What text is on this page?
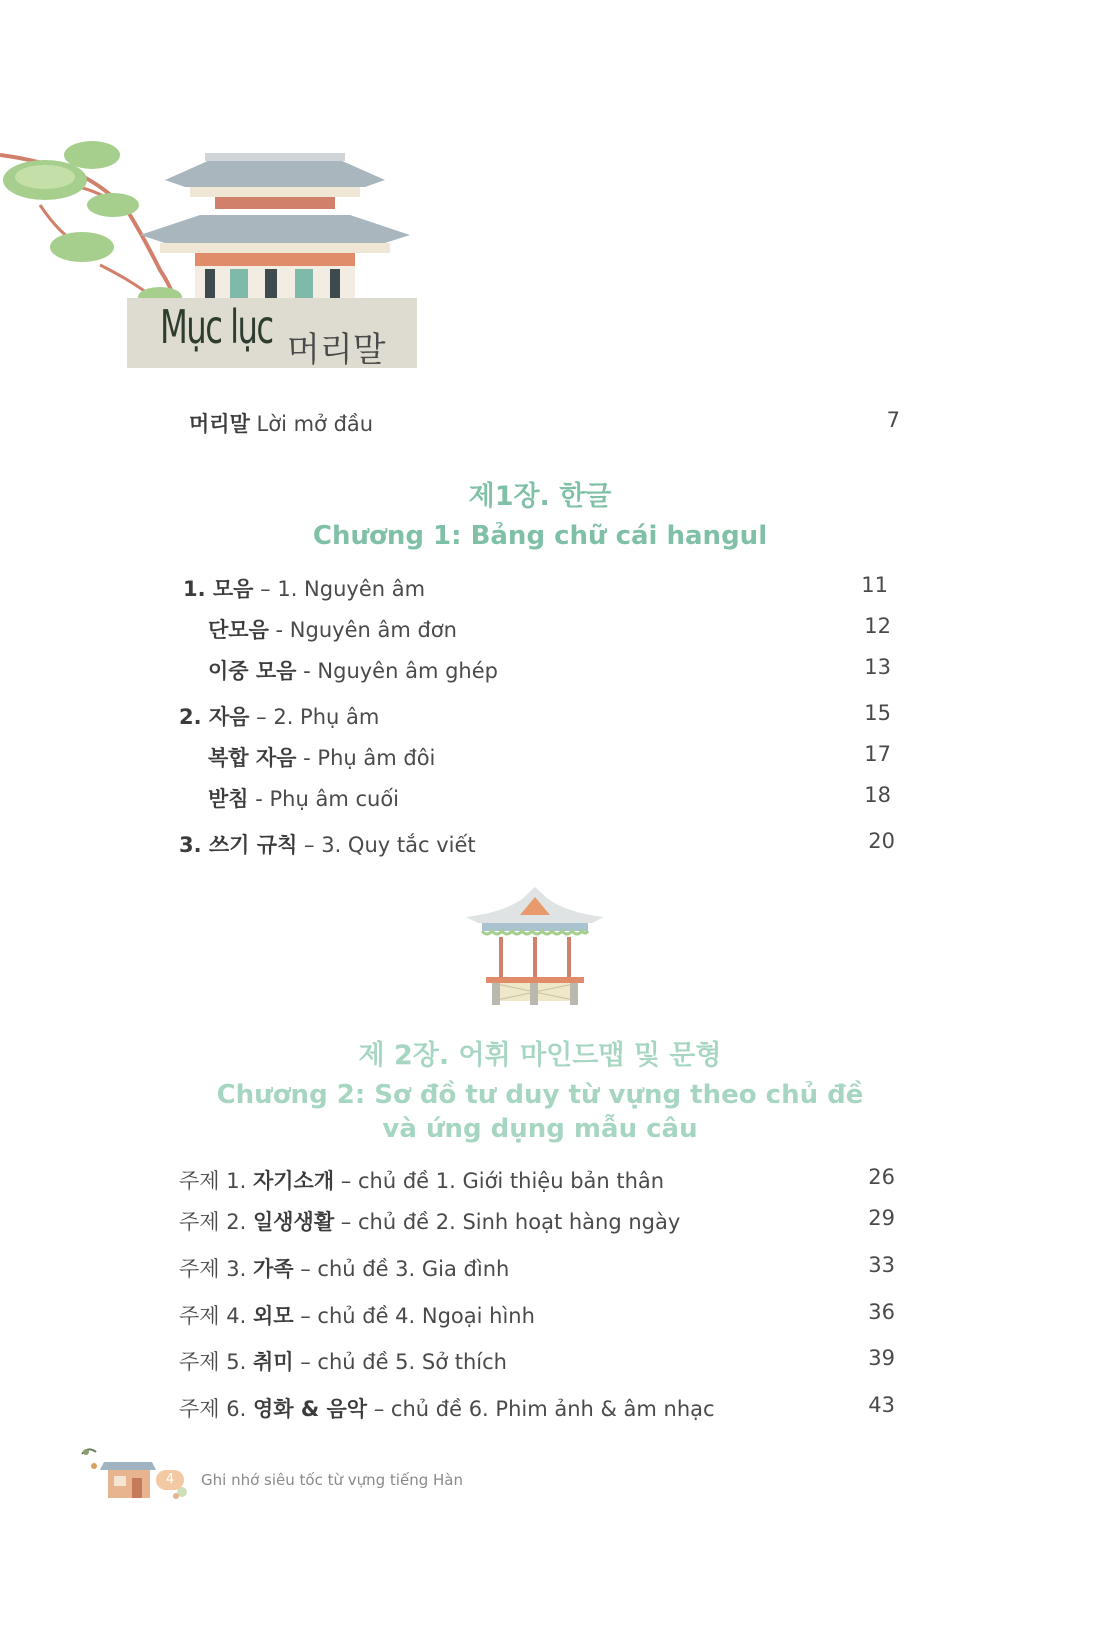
Mục lục 머리말
머리말 Lời mở đầu	7
제1장. 한글
Chương 1: Bảng chữ cái hangul
1. 모음 – 1. Nguyên âm	11
단모음 - Nguyên âm đơn	12
이중 모음 - Nguyên âm ghép	13
2. 자음 – 2. Phụ âm	15
복합 자음 - Phụ âm đôi	17
받침 - Phụ âm cuối	18
3. 쓰기 규칙 – 3. Quy tắc viết	20
제 2장. 어휘 마인드맵 및 문형
Chương 2: Sơ đồ tư duy từ vựng theo chủ đề
và ứng dụng mẫu câu
주제 1. 자기소개 – chủ đề 1. Giới thiệu bản thân	26
주제 2. 일생생활 – chủ đề 2. Sinh hoạt hàng ngày	29
주제 3. 가족 – chủ đề 3. Gia đình	33
주제 4. 외모 – chủ đề 4. Ngoại hình	36
주제 5. 취미 – chủ đề 5. Sở thích	39
주제 6. 영화 & 음악 – chủ đề 6. Phim ảnh & âm nhạc	43
4	Ghi nhớ siêu tốc từ vựng tiếng Hàn
